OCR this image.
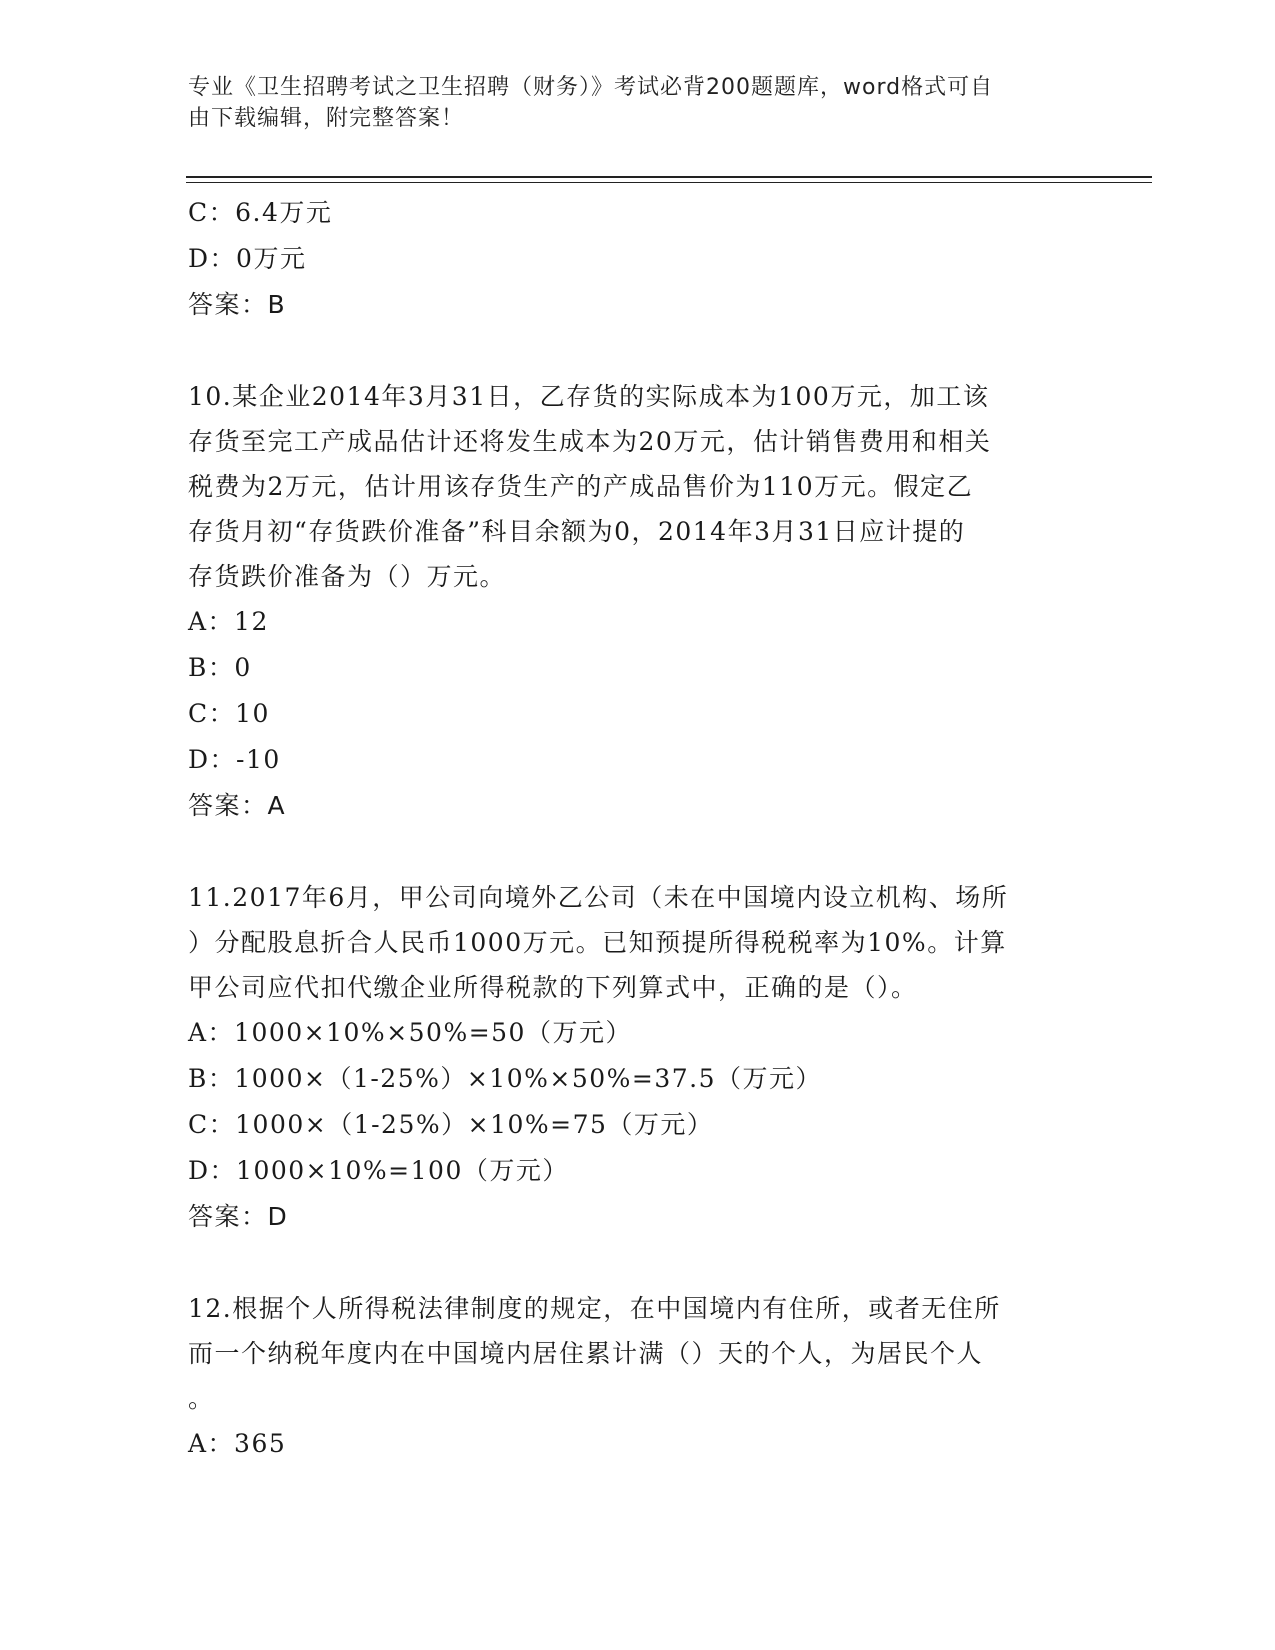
专业《卫生招聘考试之卫生招聘（财务）》考试必背200题题库，word格式可自
由下载编辑，附完整答案！
C：6.4万元
D：0万元
答案：B
10.某企业2014年3月31日，乙存货的实际成本为100万元，加工该
存货至完工产成品估计还将发生成本为20万元，估计销售费用和相关
税费为2万元，估计用该存货生产的产成品售价为110万元。假定乙
存货月初“存货跌价准备”科目余额为0，2014年3月31日应计提的
存货跌价准备为（）万元。
A：12
B：0
C：10
D：-10
答案：A
11.2017年6月，甲公司向境外乙公司（未在中国境内设立机构、场所
）分配股息折合人民币1000万元。已知预提所得税税率为10%。计算
甲公司应代扣代缴企业所得税款的下列算式中，正确的是（）。
A：1000×10%×50%=50（万元）
B：1000×（1-25%）×10%×50%=37.5（万元）
C：1000×（1-25%）×10%=75（万元）
D：1000×10%=100（万元）
答案：D
12.根据个人所得税法律制度的规定，在中国境内有住所，或者无住所
而一个纳税年度内在中国境内居住累计满（）天的个人，为居民个人
。
A：365
